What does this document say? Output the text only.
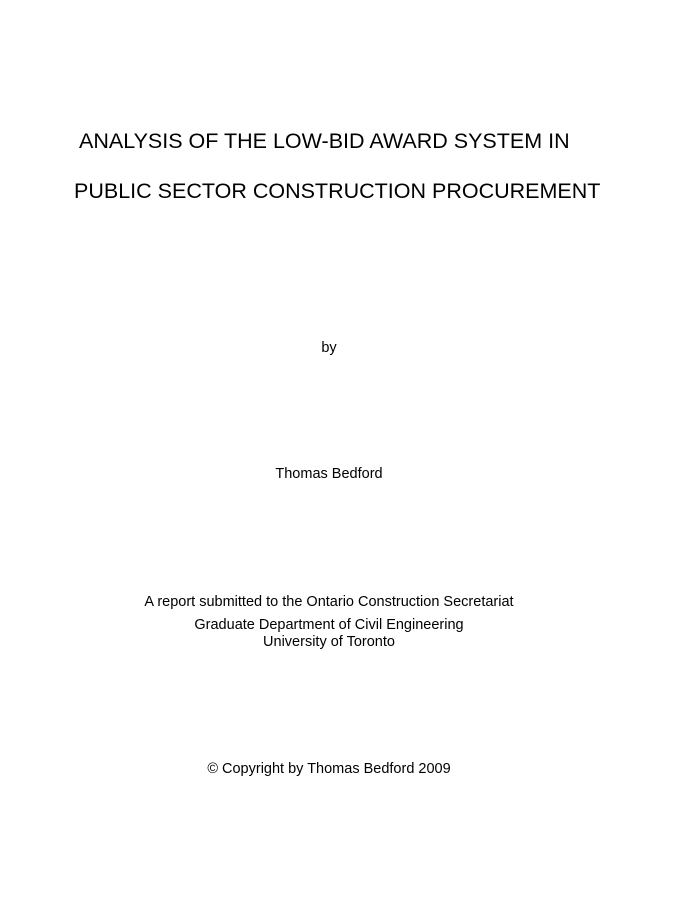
ANALYSIS OF THE LOW-BID AWARD SYSTEM IN
PUBLIC SECTOR CONSTRUCTION PROCUREMENT
by
Thomas Bedford
A report submitted to the Ontario Construction Secretariat
Graduate Department of Civil Engineering
University of Toronto
© Copyright by Thomas Bedford 2009
